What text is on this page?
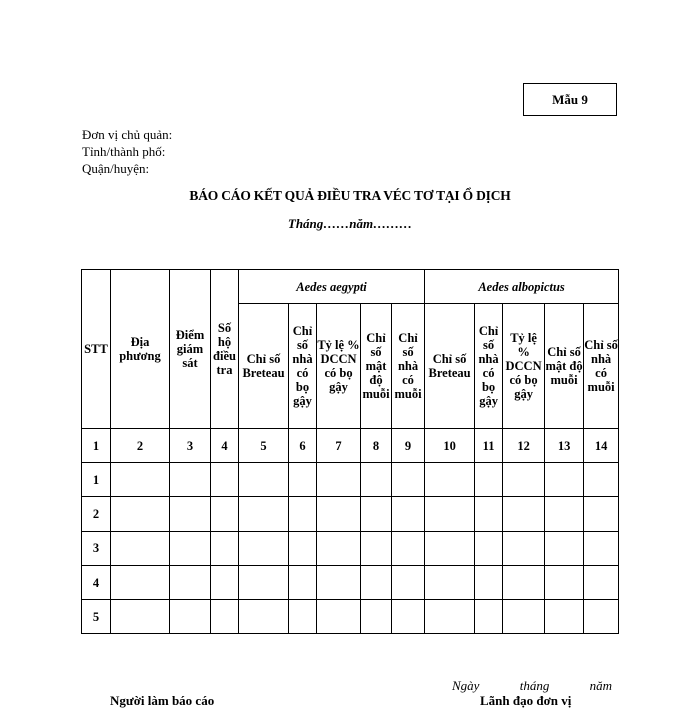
Mẫu 9
Đơn vị chủ quản:
Tỉnh/thành phố:
Quận/huyện:
BÁO CÁO KẾT QUẢ ĐIỀU TRA VÉC TƠ TẠI Ổ DỊCH
Tháng……năm………
STT	Địa phương	Điểm giám sát	Số hộ điều tra	Aedes aegypti					Aedes albopictus				
				Chỉ số Breteau	Chỉ số nhà có bọ gậy	Tỷ lệ % DCCN có bọ gậy	Chỉ số mật độ muỗi	Chỉ số nhà có muỗi	Chỉ số Breteau	Chỉ số nhà có bọ gậy	Tỷ lệ % DCCN có bọ gậy	Chỉ số mật độ muỗi	Chỉ số nhà có muỗi
1	2	3	4	5	6	7	8	9	10	11	12	13	14
1													
2													
3													
4													
5													
Ngày	tháng	năm
Người làm báo cáo	Lãnh đạo đơn vị
